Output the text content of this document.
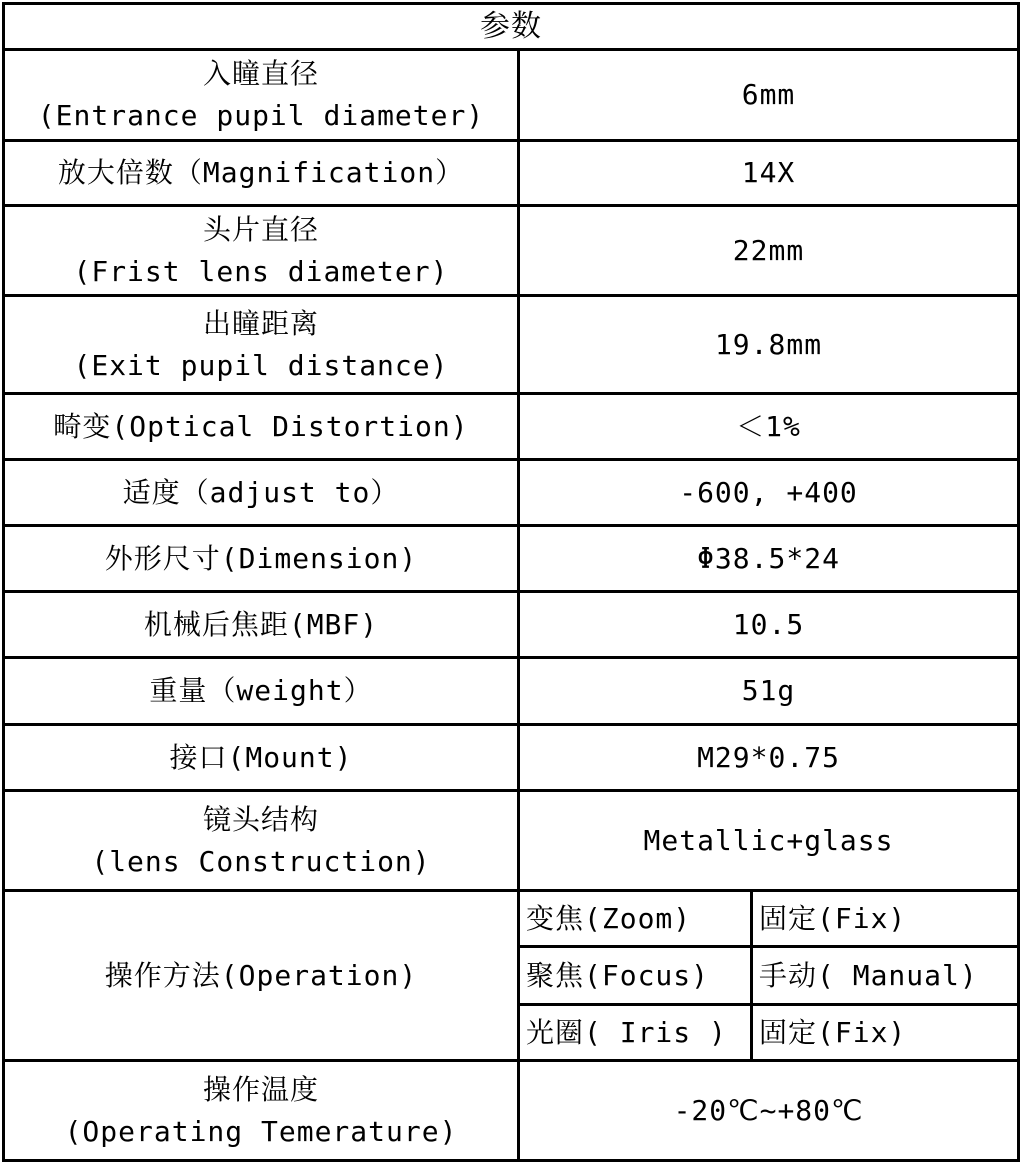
参数		

入瞳直径
(Entrance pupil diameter)	6mm	
放大倍数（Magnification）	14X	

头片直径
(Frist lens diameter)	22mm	

出瞳距离
(Exit pupil distance)	19.8mm	
畸变(Optical Distortion)	＜1%	
适度（adjust to）	-600, +400	
外形尺寸(Dimension)	Φ38.5*24	
机械后焦距(MBF)	10.5	
重量（weight）	51g	
接口(Mount)	M29*0.75	

镜头结构
(lens Construction)	Metallic+glass	
操作方法(Operation)	变焦(Zoom)	固定(Fix)
	聚焦(Focus)	手动( Manual)
	光圈( Iris )	固定(Fix)

操作温度
(Operating Temerature)	-20℃~+80℃	
